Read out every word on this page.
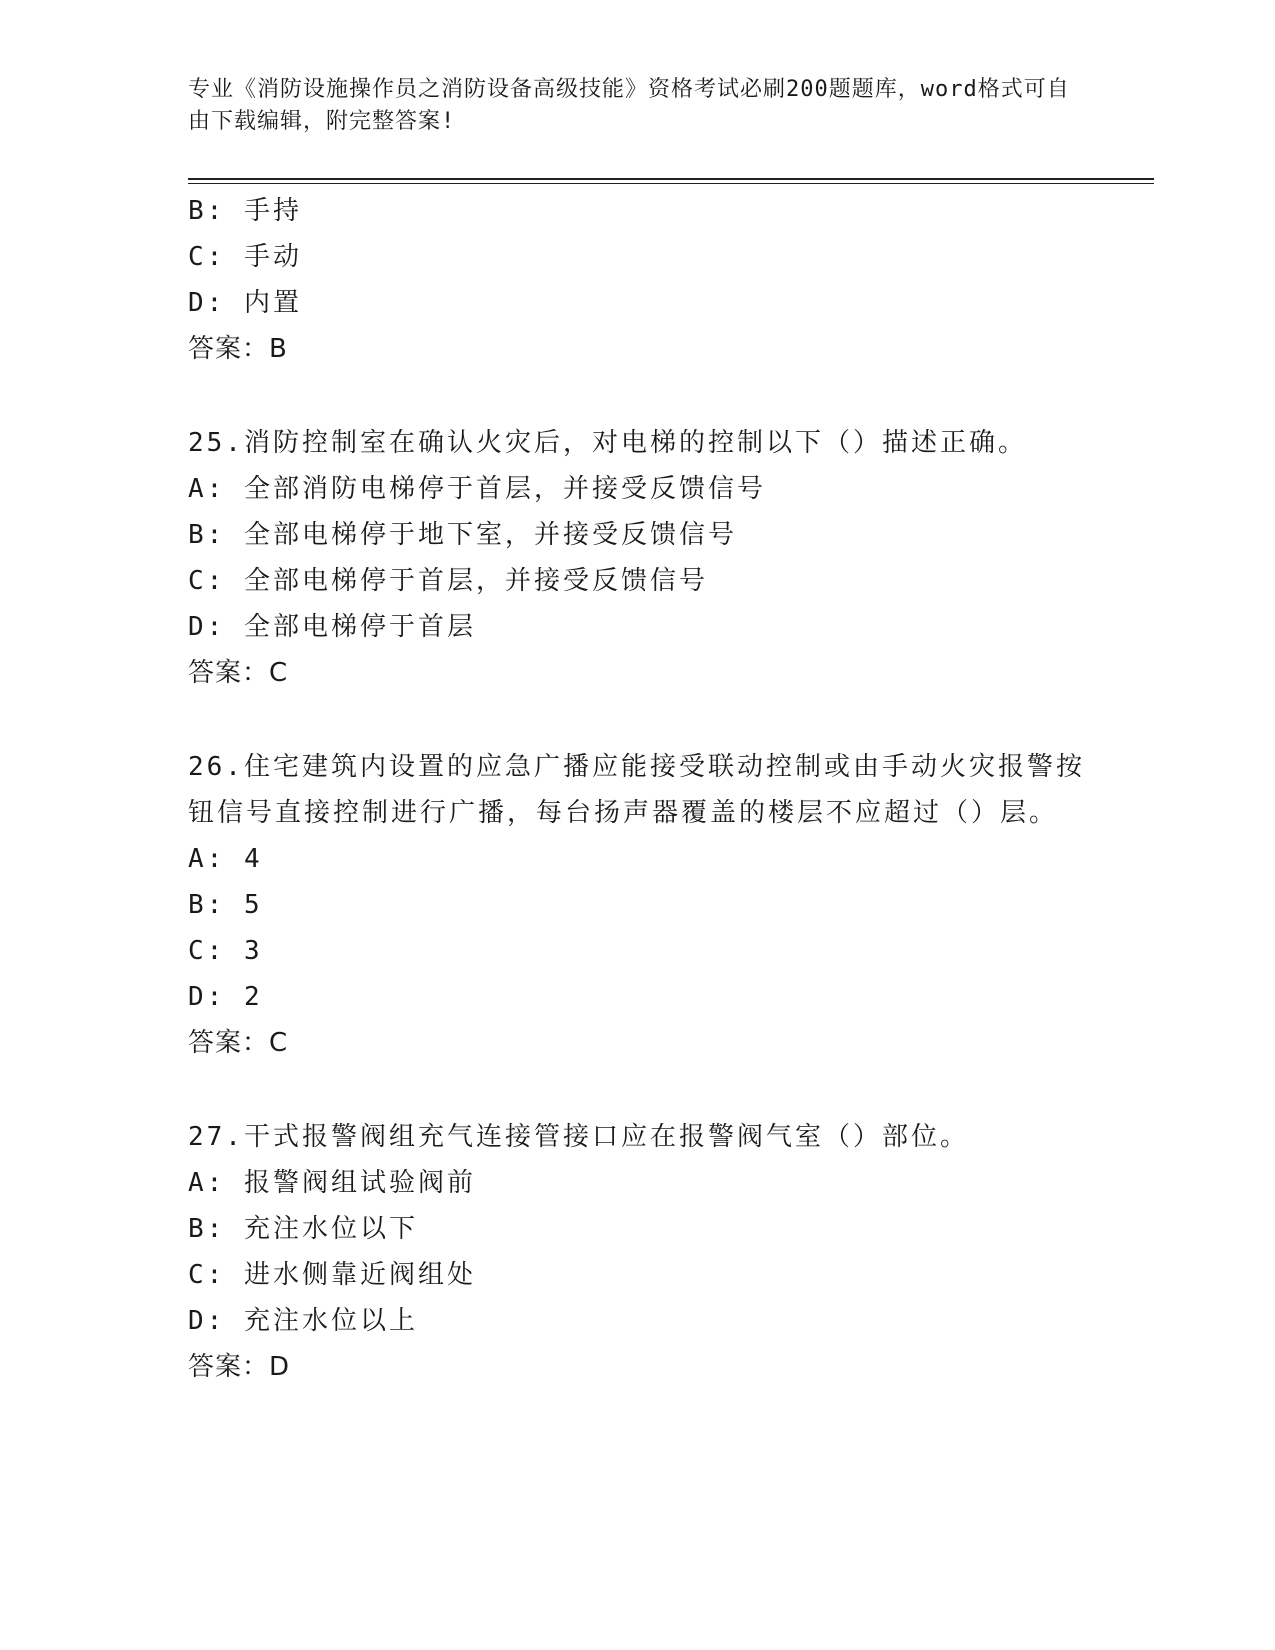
专业《消防设施操作员之消防设备高级技能》资格考试必刷200题题库，word格式可自由下载编辑，附完整答案!
B: 手持
C: 手动
D: 内置
答案：B
25.消防控制室在确认火灾后，对电梯的控制以下（）描述正确。
A: 全部消防电梯停于首层，并接受反馈信号
B: 全部电梯停于地下室，并接受反馈信号
C: 全部电梯停于首层，并接受反馈信号
D: 全部电梯停于首层
答案：C
26.住宅建筑内设置的应急广播应能接受联动控制或由手动火灾报警按
钮信号直接控制进行广播，每台扬声器覆盖的楼层不应超过（）层。
A: 4
B: 5
C: 3
D: 2
答案：C
27.干式报警阀组充气连接管接口应在报警阀气室（）部位。
A: 报警阀组试验阀前
B: 充注水位以下
C: 进水侧靠近阀组处
D: 充注水位以上
答案：D
